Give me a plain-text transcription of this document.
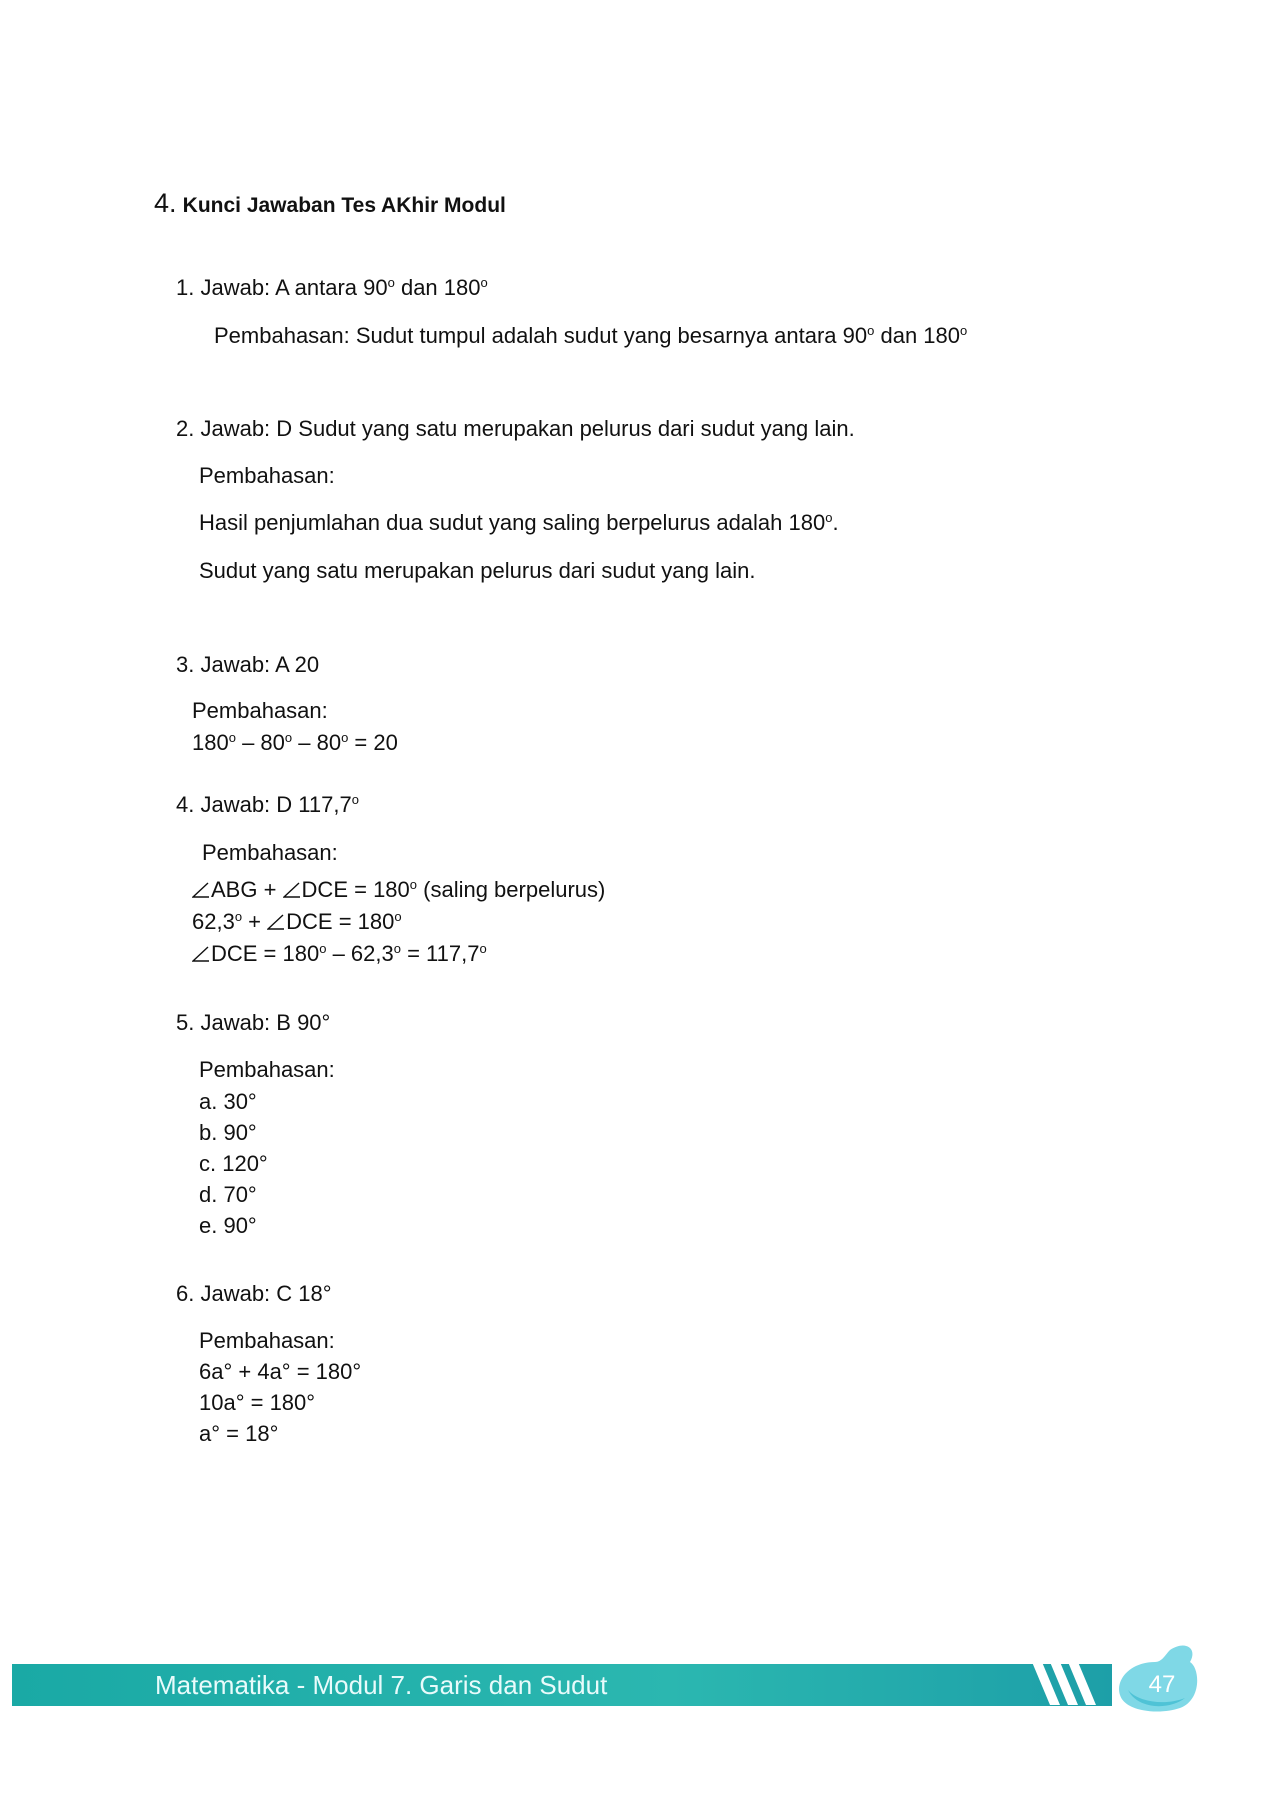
4. Kunci Jawaban Tes AKhir Modul
1. Jawab: A antara 90$^o$ dan 180$^o$
Pembahasan: Sudut tumpul adalah sudut yang besarnya antara 90$^o$ dan 180$^o$
2. Jawab: D Sudut yang satu merupakan pelurus dari sudut yang lain.
Pembahasan:
Hasil penjumlahan dua sudut yang saling berpelurus adalah 180$^o$.
Sudut yang satu merupakan pelurus dari sudut yang lain.
3. Jawab: A 20
Pembahasan:
$180^o - 80^o - 80^o = 20$
4. Jawab: D 117,7$^o$
Pembahasan:
ABG + DCE = $180^o$ (saling berpelurus)
$62,3^o$ + DCE = $180^o$
DCE = $180^o - 62,3^o = 117,7^o$
5. Jawab: B 90°
Pembahasan:
a. 30°
b. 90°
c. 120°
d. 70°
e. 90°
6. Jawab: C 18°
Pembahasan:
6a° + 4a° = 180°
10a° = 180°
a° = 18°
Matematika - Modul 7. Garis dan Sudut	47
